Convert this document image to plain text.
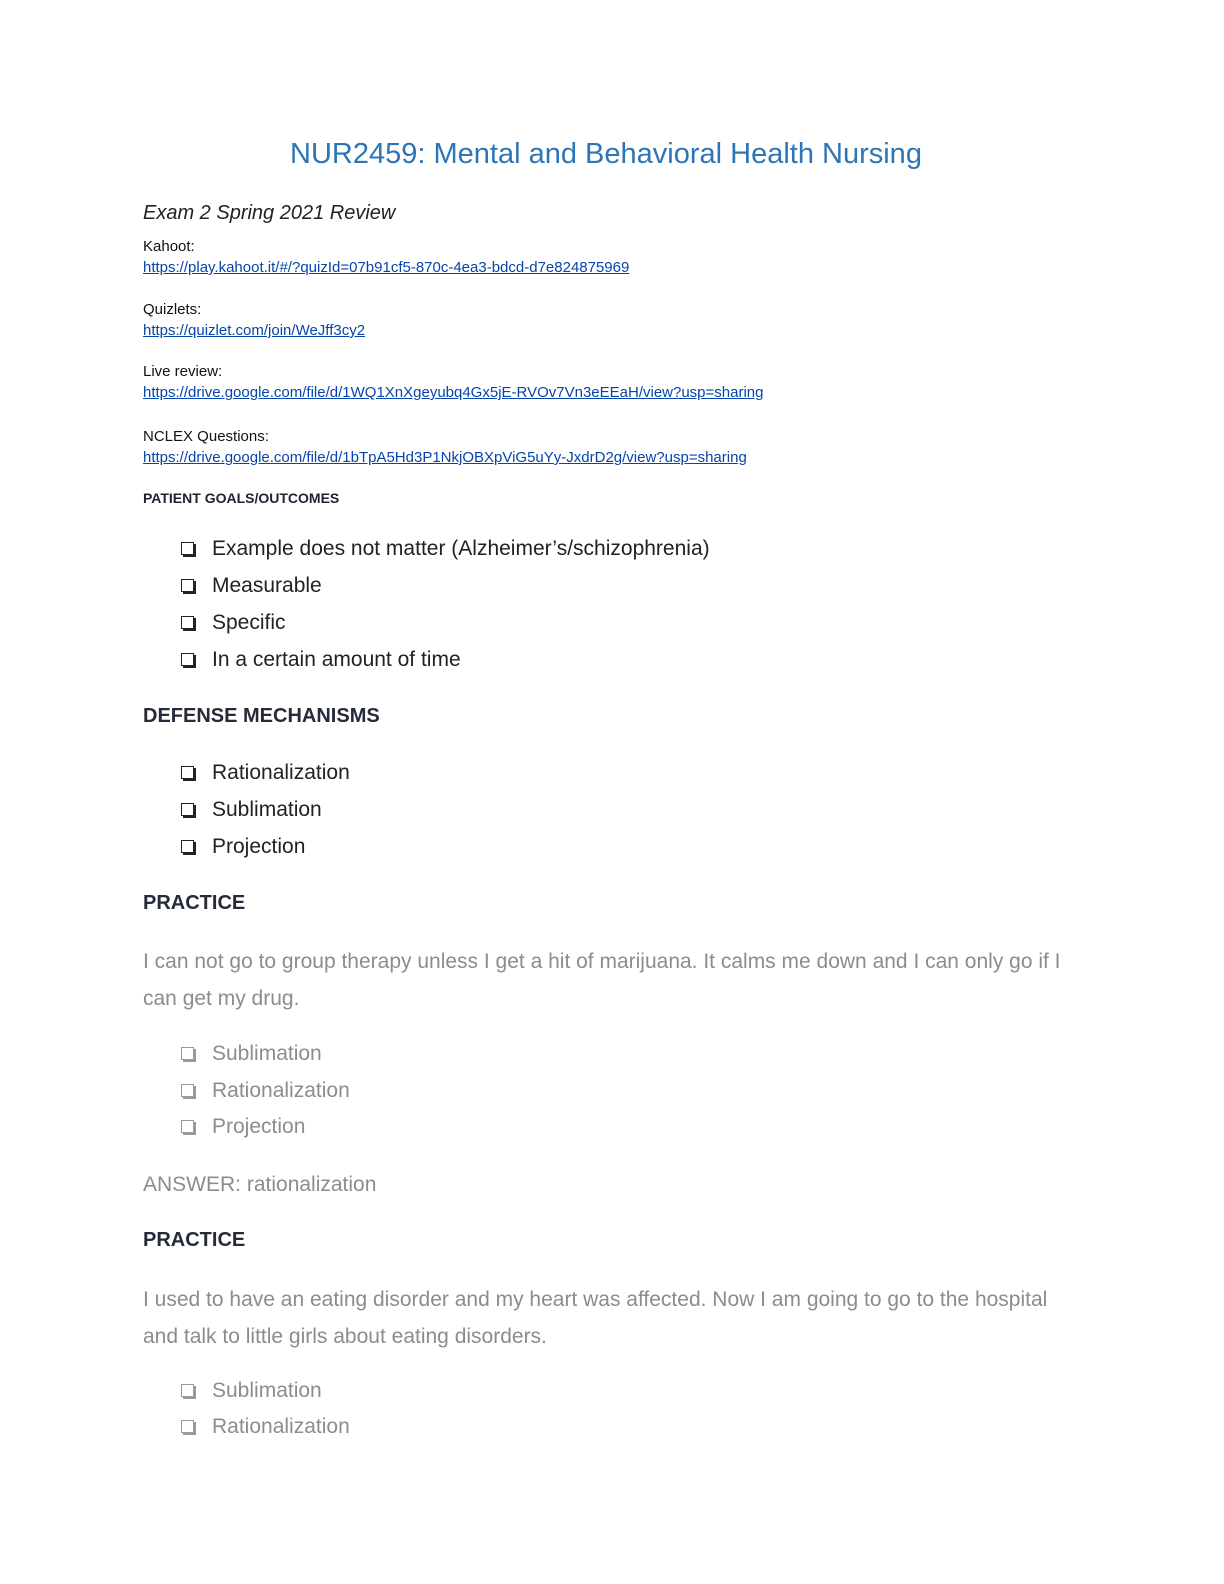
NUR2459: Mental and Behavioral Health Nursing
Exam 2 Spring 2021 Review
Kahoot:
https://play.kahoot.it/#/?quizId=07b91cf5-870c-4ea3-bdcd-d7e824875969
Quizlets:
https://quizlet.com/join/WeJff3cy2
Live review:
https://drive.google.com/file/d/1WQ1XnXgeyubq4Gx5jE-RVOv7Vn3eEEaH/view?usp=sharing
NCLEX Questions:
https://drive.google.com/file/d/1bTpA5Hd3P1NkjOBXpViG5uYy-JxdrD2g/view?usp=sharing
PATIENT GOALS/OUTCOMES
Example does not matter (Alzheimer’s/schizophrenia)
Measurable
Specific
In a certain amount of time
DEFENSE MECHANISMS
Rationalization
Sublimation
Projection
PRACTICE
I can not go to group therapy unless I get a hit of marijuana. It calms me down and I can only go if I can get my drug.
Sublimation
Rationalization
Projection
ANSWER: rationalization
PRACTICE
I used to have an eating disorder and my heart was affected. Now I am going to go to the hospital and talk to little girls about eating disorders.
Sublimation
Rationalization
